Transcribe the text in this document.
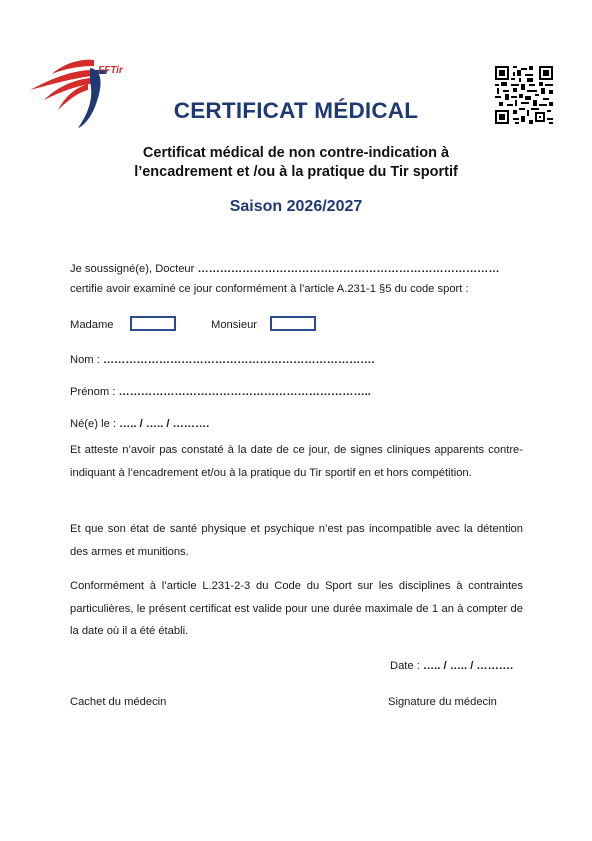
FFTir
CERTIFICAT MÉDICAL
Certificat médical de non contre-indication à
l’encadrement et /ou à la pratique du Tir sportif
Saison 2026/2027
Je soussigné(e), Docteur ………………………………………………………………………
certifie avoir examiné ce jour conformément à l’article A.231-1 §5 du code sport :
Madame	Monsieur
Nom : ……………………………………………………………….
Prénom : …………………………………………………………..
Né(e) le : ….. / ….. / ……….
Et atteste n’avoir pas constaté à la date de ce jour, de signes cliniques apparents contre-indiquant à l’encadrement et/ou à la pratique du Tir sportif en et hors compétition.
Et que son état de santé physique et psychique n’est pas incompatible avec la détention des armes et munitions.
Conformément à l’article L.231-2-3 du Code du Sport sur les disciplines à contraintes particulières, le présent certificat est valide pour une durée maximale de 1 an à compter de la date où il a été établi.
Date : ….. / ….. / ……….
Cachet du médecin	Signature du médecin
